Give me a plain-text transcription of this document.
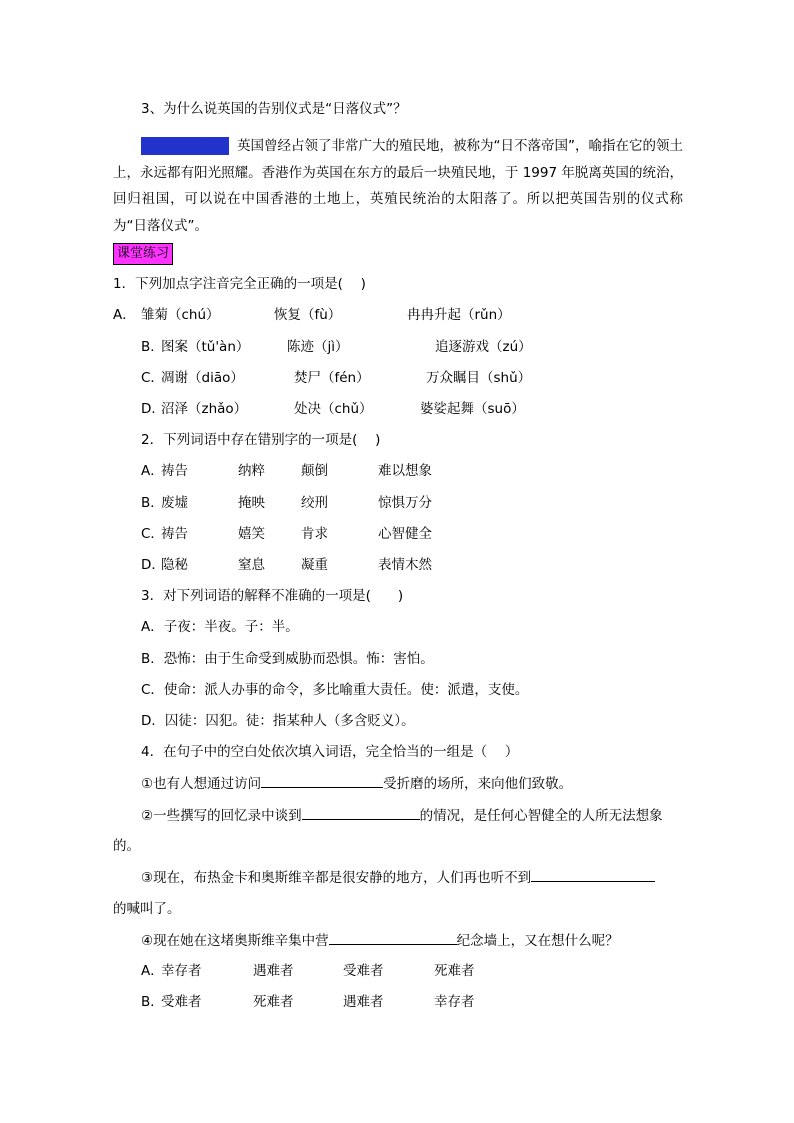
3、为什么说英国的告别仪式是“日落仪式”？
参考答案 英国曾经占领了非常广大的殖民地，被称为“日不落帝国”，喻指在它的领土上，永远都有阳光照耀。香港作为英国在东方的最后一块殖民地，于 1997 年脱离英国的统治，回归祖国，可以说在中国香港的土地上，英殖民统治的太阳落了。所以把英国告别的仪式称为“日落仪式”。
课堂练习
1．下列加点字注音完全正确的一项是(　 )
A． 雏菊（chú）	恢复（fù）	冉冉升起（rǔn）
B．
图案（tǔ'àn）	陈迹（jì）	追逐游戏（zú）
C．
凋谢（diāo）	焚尸（fén）	万众瞩目（shǔ）
D．
沼泽（zhǎo）	处决（chǔ）	婆娑起舞（suō）
2．下列词语中存在错别字的一项是(　 )
A．
祷告	纳粹	颠倒	难以想象
B．
废墟	掩映	绞刑	惊惧万分
C．
祷告	嬉笑	肯求	心智健全
D．
隐秘	窒息	凝重	表情木然
3．对下列词语的解释不准确的一项是(　　)
A．子夜：半夜。子：半。
B．恐怖：由于生命受到威胁而恐惧。怖：害怕。
C．使命：派人办事的命令，多比喻重大责任。使：派遣，支使。
D．囚徒：囚犯。徒：指某种人（多含贬义）。
4．在句子中的空白处依次填入词语，完全恰当的一组是（　 ）
①也有人想通过访问	受折磨的场所，来向他们致敬。
②一些撰写的回忆录中谈到	的情况，是任何心智健全的人所无法想象
的。
③现在，布热金卡和奥斯维辛都是很安静的地方，人们再也听不到
的喊叫了。
④现在她在这堵奥斯维辛集中营	纪念墙上，又在想什么呢？
A．
幸存者	遇难者	受难者	死难者
B．
受难者	死难者	遇难者	幸存者
